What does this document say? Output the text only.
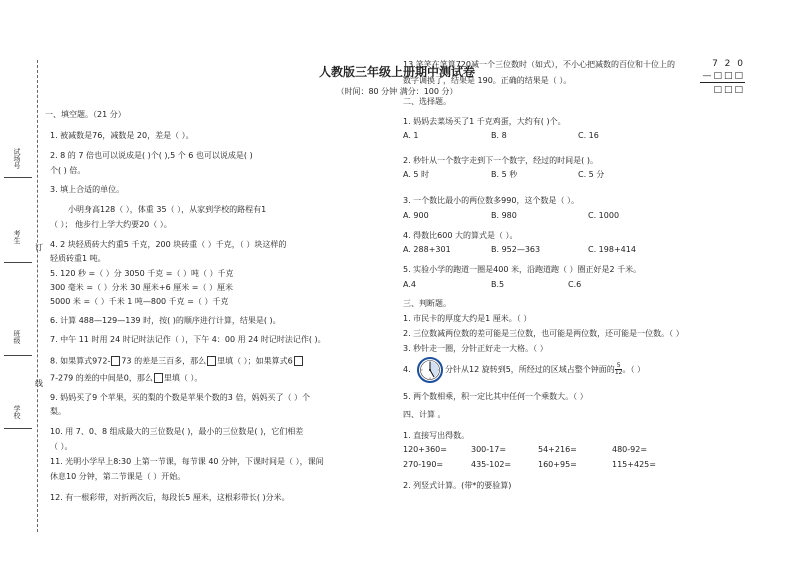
人教版三年级上册期中测试卷
（时间：80 分钟 满分：100 分）
试场号
考生
班级
学校
订
线
一、填空题。（21 分）
1. 被减数是76，减数是 20，差是（ ）。
2. 8 的 7 倍也可以说成是( )个( ),5 个 6 也可以说成是( )
个( ) 倍。
3. 填上合适的单位。
小明身高128（ ），体重 35（ ），从家到学校的路程有1
（ ）； 他步行上学大约要20（ ）。
4. 2 块轻质砖大约重5 千克，200 块砖重（ ）千克，（ ）块这样的
轻质砖重1 吨。
5. 120 秒 =（ ）分 3050 千克 =（ ）吨（ ）千克
300 毫米 =（ ）分米 30 厘米+6 厘米 =（ ）厘米
5000 米 =（ ）千米 1 吨—800 千克 =（ ）千克
6. 计算 488—129—139 时，按( )的顺序进行计算，结果是( )。
7. 中午 11 时用 24 时记时法记作（ ），下午 4：00 用 24 时记时法记作( )。
8. 如果算式972- 73 的差是三百多，那么 里填（ ）；如果算式6
7-279 的差的中间是0，那么 里填（ ）。
9. 妈妈买了9 个苹果，买的梨的个数是苹果个数的3 倍，妈妈买了（ ）个
梨。
10. 用 7、0、8 组成最大的三位数是( )，最小的三位数是( )，它们相差
（ ）。
11. 光明小学早上8:30 上第一节课，每节课 40 分钟，下课时间是（ ），课间
休息10 分钟，第二节课是（ ）开始。
12. 有一根彩带，对折两次后，每段长5 厘米，这根彩带长( )分米。
13.笑笑在笔算720减一个三位数时（如式），不小心把减数的百位和十位上的
数字调换了，结果是 190。正确的结果是（ ）。
7 2 0
—□□□
□□□
二、选择题。
1. 妈妈去菜场买了1 千克鸡蛋，大约有( )个。
A. 1	B. 8	C. 16
2. 秒针从一个数字走到下一个数字，经过的时间是( )。
A. 5 时	B. 5 秒	C. 5 分
3. 一个数比最小的两位数多990，这个数是（ ）。
A. 900	B. 980	C. 1000
4. 得数比600 大的算式是（ ）。
A. 288+301	B. 952—363	C. 198+414
5. 实验小学的跑道一圈是400 米，沿跑道跑（ ）圈正好是2 千米。
A.4	B.5	C.6
三、判断题。
1. 市民卡的厚度大约是1 厘米。（ ）
2. 三位数减两位数的差可能是三位数，也可能是两位数，还可能是一位数。（ ）
3. 秒针走一圈，分针正好走一大格。（ ）
4.	分针从12 旋转到5，所经过的区域占整个钟面的 $\frac{5}{12}$ 。（ ）
5. 两个数相乘，积一定比其中任何一个乘数大。（ ）
四、计算 。
1. 直接写出得数。
120+360=	300-17=	54+216=	480-92=
270-190=	435-102=	160+95=	115+425=
2. 列竖式计算。(带*的要验算)
